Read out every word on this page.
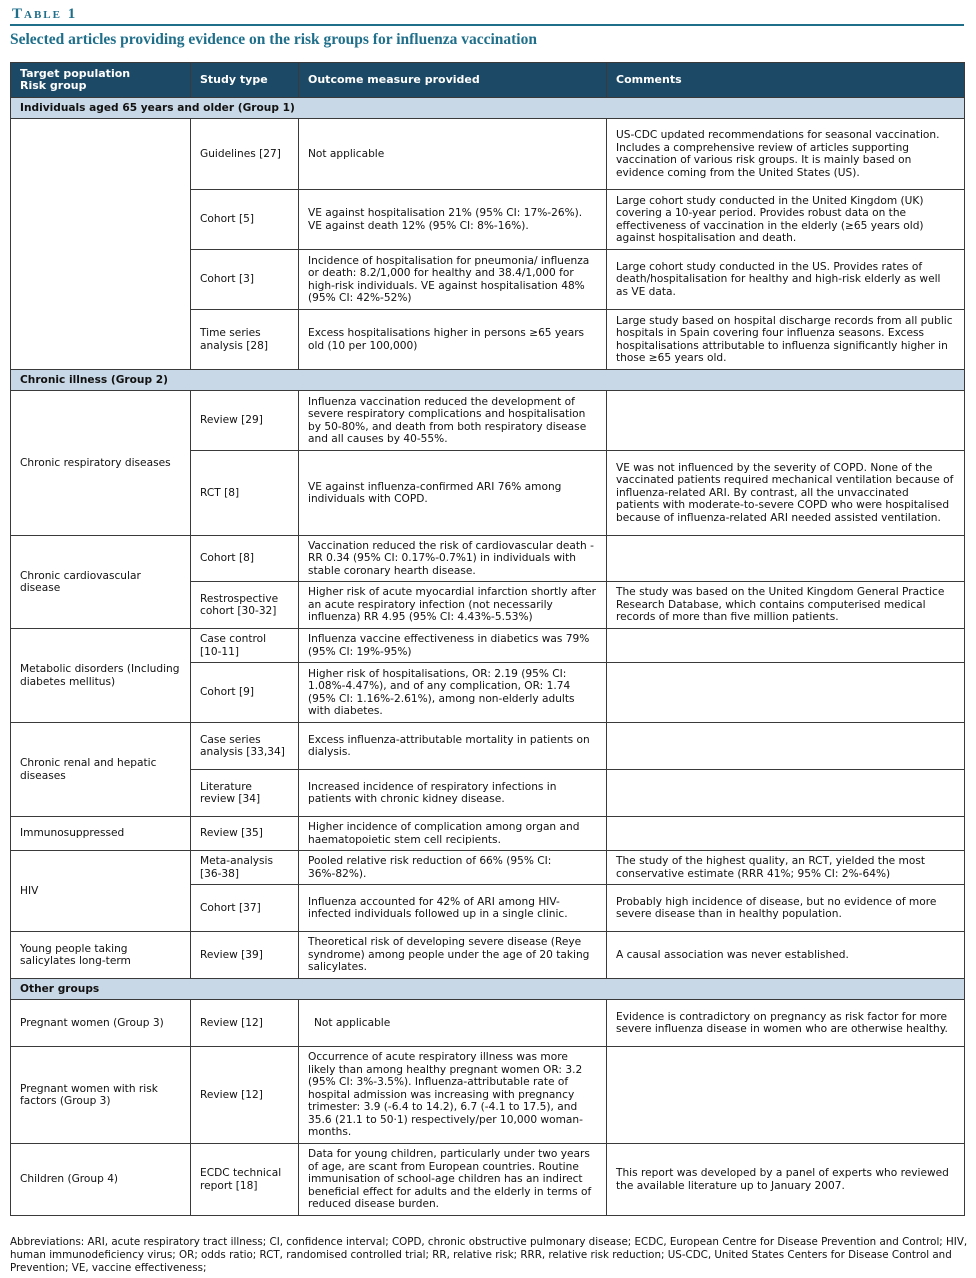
Table 1
Selected articles providing evidence on the risk groups for influenza vaccination
Target population
Risk group	Study type	Outcome measure provided	Comments
Individuals aged 65 years and older (Group 1)			
	Guidelines [27]	Not applicable	US-CDC updated recommendations for seasonal vaccination. Includes a comprehensive review of articles supporting vaccination of various risk groups. It is mainly based on evidence coming from the United States (US).
	Cohort [5]	VE against hospitalisation 21% (95% CI: 17%-26%). VE against death 12% (95% CI: 8%-16%).	Large cohort study conducted in the United Kingdom (UK) covering a 10-year period. Provides robust data on the effectiveness of vaccination in the elderly (≥65 years old) against hospitalisation and death.
	Cohort [3]	Incidence of hospitalisation for pneumonia/ influenza or death: 8.2/1,000 for healthy and 38.4/1,000 for high-risk individuals. VE against hospitalisation 48% (95% CI: 42%-52%)	Large cohort study conducted in the US. Provides rates of death/hospitalisation for healthy and high-risk elderly as well as VE data.
	Time series analysis [28]	Excess hospitalisations higher in persons ≥65 years old (10 per 100,000)	Large study based on hospital discharge records from all public hospitals in Spain covering four influenza seasons. Excess hospitalisations attributable to influenza significantly higher in those ≥65 years old.
Chronic illness (Group 2)			
Chronic respiratory diseases	Review [29]	Influenza vaccination reduced the development of severe respiratory complications and hospitalisation by 50-80%, and death from both respiratory disease and all causes by 40-55%.	
	RCT [8]	VE against influenza-confirmed ARI 76% among individuals with COPD.	VE was not influenced by the severity of COPD. None of the vaccinated patients required mechanical ventilation because of influenza-related ARI. By contrast, all the unvaccinated patients with moderate-to-severe COPD who were hospitalised because of influenza-related ARI needed assisted ventilation.
Chronic cardiovascular disease	Cohort [8]	Vaccination reduced the risk of cardiovascular death - RR 0.34 (95% CI: 0.17%-0.7%1) in individuals with stable coronary hearth disease.	
	Restrospective cohort [30-32]	Higher risk of acute myocardial infarction shortly after an acute respiratory infection (not necessarily influenza) RR 4.95 (95% CI: 4.43%-5.53%)	The study was based on the United Kingdom General Practice Research Database, which contains computerised medical records of more than five million patients.
Metabolic disorders (Including diabetes mellitus)	Case control [10-11]	Influenza vaccine effectiveness in diabetics was 79% (95% CI: 19%-95%)	
	Cohort [9]	Higher risk of hospitalisations, OR: 2.19 (95% CI: 1.08%-4.47%), and of any complication, OR: 1.74 (95% CI: 1.16%-2.61%), among non-elderly adults with diabetes.	
Chronic renal and hepatic diseases	Case series analysis [33,34]	Excess influenza-attributable mortality in patients on dialysis.	
	Literature review [34]	Increased incidence of respiratory infections in patients with chronic kidney disease.	
Immunosuppressed	Review [35]	Higher incidence of complication among organ and haematopoietic stem cell recipients.	
HIV	Meta-analysis [36-38]	Pooled relative risk reduction of 66% (95% CI: 36%-82%).	The study of the highest quality, an RCT, yielded the most conservative estimate (RRR 41%; 95% CI: 2%-64%)
	Cohort [37]	Influenza accounted for 42% of ARI among HIV-infected individuals followed up in a single clinic.	Probably high incidence of disease, but no evidence of more severe disease than in healthy population.
Young people taking salicylates long-term	Review [39]	Theoretical risk of developing severe disease (Reye syndrome) among people under the age of 20 taking salicylates.	A causal association was never established.
Other groups			
Pregnant women (Group 3)	Review [12]	Not applicable	Evidence is contradictory on pregnancy as risk factor for more severe influenza disease in women who are otherwise healthy.
Pregnant women with risk factors (Group 3)	Review [12]	Occurrence of acute respiratory illness was more likely than among healthy pregnant women OR: 3.2 (95% CI: 3%-3.5%). Influenza-attributable rate of hospital admission was increasing with pregnancy trimester: 3.9 (-6.4 to 14.2), 6.7 (-4.1 to 17.5), and 35.6 (21.1 to 50·1) respectively/per 10,000 woman-months.	
Children (Group 4)	ECDC technical report [18]	Data for young children, particularly under two years of age, are scant from European countries. Routine immunisation of school-age children has an indirect beneficial effect for adults and the elderly in terms of reduced disease burden.	This report was developed by a panel of experts who reviewed the available literature up to January 2007.
Abbreviations: ARI, acute respiratory tract illness; CI, confidence interval; COPD, chronic obstructive pulmonary disease; ECDC, European Centre for Disease Prevention and Control; HIV, human immunodeficiency virus; OR; odds ratio; RCT, randomised controlled trial; RR, relative risk; RRR, relative risk reduction; US-CDC, United States Centers for Disease Control and Prevention; VE, vaccine effectiveness;
